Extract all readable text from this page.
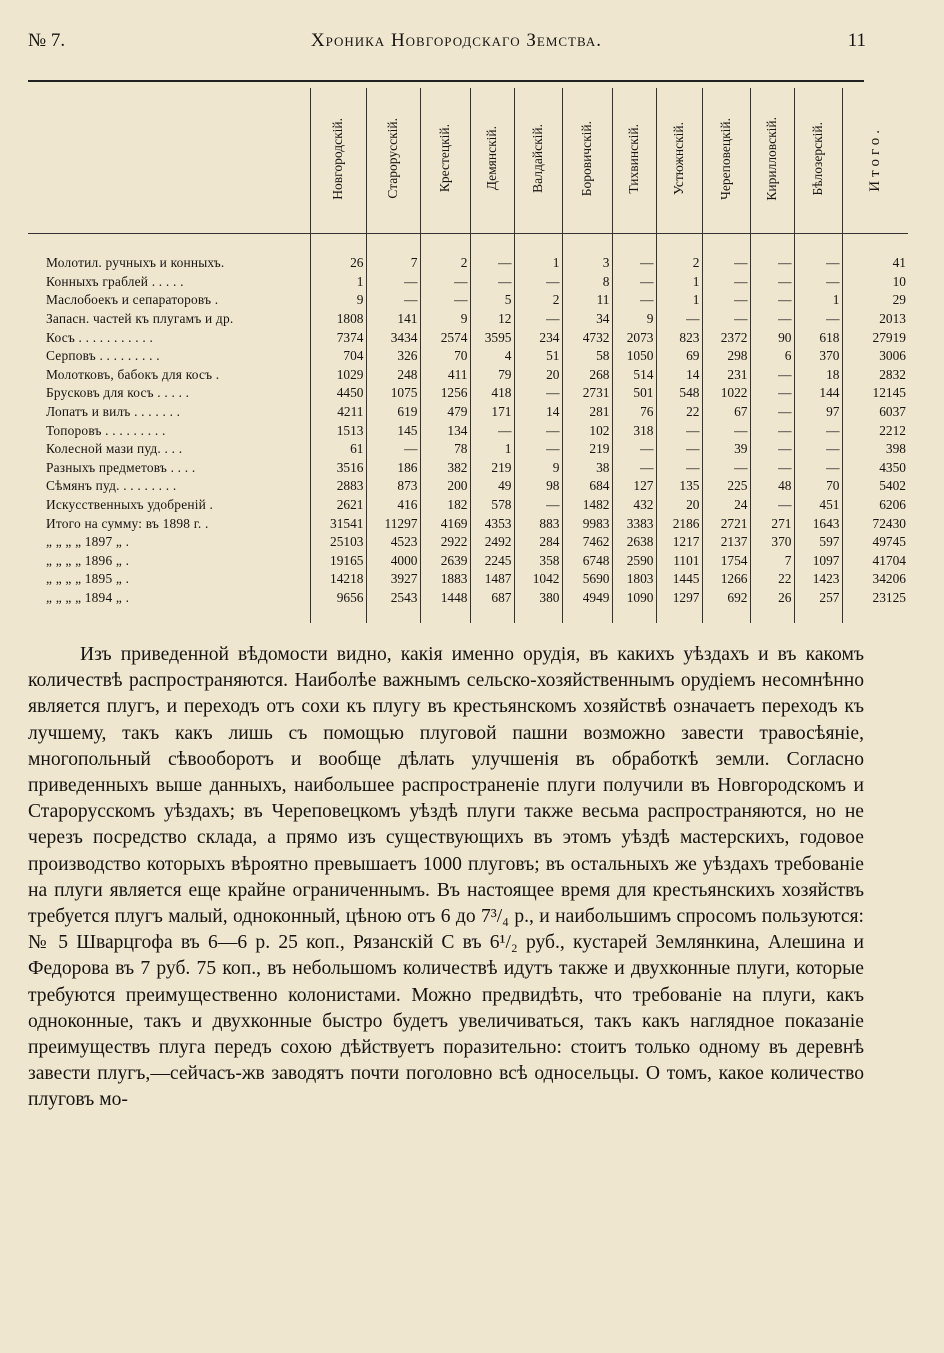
№ 7.	Хроника Новгородскаго Земства.	11
	Новгородскій.	Старорусскій.	Крестецкій.	Демянскій.	Валдайскій.	Боровичскій.	Тихвинскій.	Устюжнскій.	Череповецкій.	Кирилловскій.	Бѣлозерскій.	Итого.
Молотил. ручныхъ и конныхъ.	26	7	2	—	1	3	—	2	—	—	—	41
Конныхъ граблей . . . . .	1	—	—	—	—	8	—	1	—	—	—	10
Маслобоекъ и сепараторовъ .	9	—	—	5	2	11	—	1	—	—	1	29
Запасн. частей къ плугамъ и др.	1808	141	9	12	—	34	9	—	—	—	—	2013
Косъ . . . . . . . . . . .	7374	3434	2574	3595	234	4732	2073	823	2372	90	618	27919
Серповъ . . . . . . . . .	704	326	70	4	51	58	1050	69	298	6	370	3006
Молотковъ, бабокъ для косъ .	1029	248	411	79	20	268	514	14	231	—	18	2832
Брусковъ для косъ . . . . .	4450	1075	1256	418	—	2731	501	548	1022	—	144	12145
Лопатъ и вилъ . . . . . . .	4211	619	479	171	14	281	76	22	67	—	97	6037
Топоровъ . . . . . . . . .	1513	145	134	—	—	102	318	—	—	—	—	2212
Колесной мази пуд. . . .	61	—	78	1	—	219	—	—	39	—	—	398
Разныхъ предметовъ . . . .	3516	186	382	219	9	38	—	—	—	—	—	4350
Сѣмянъ пуд. . . . . . . . .	2883	873	200	49	98	684	127	135	225	48	70	5402
Искусственныхъ удобреній .	2621	416	182	578	—	1482	432	20	24	—	451	6206
Итого на сумму: въ 1898 г. .	31541	11297	4169	4353	883	9983	3383	2186	2721	271	1643	72430
„ „ „ „ 1897 „ .	25103	4523	2922	2492	284	7462	2638	1217	2137	370	597	49745
„ „ „ „ 1896 „ .	19165	4000	2639	2245	358	6748	2590	1101	1754	7	1097	41704
„ „ „ „ 1895 „ .	14218	3927	1883	1487	1042	5690	1803	1445	1266	22	1423	34206
„ „ „ „ 1894 „ .	9656	2543	1448	687	380	4949	1090	1297	692	26	257	23125

Изъ приведенной вѣдомости видно, какія именно орудія, въ какихъ уѣздахъ и въ какомъ количествѣ распространяются. Наиболѣе важнымъ сельско-хозяйственнымъ орудіемъ несомнѣнно является плугъ, и переходъ отъ сохи къ плугу въ крестьянскомъ хозяйствѣ означаетъ переходъ къ лучшему, такъ какъ лишь съ помощью плуговой пашни возможно завести травосѣяніе, многопольный сѣвооборотъ и вообще дѣлать улучшенія въ обработкѣ земли. Согласно приведенныхъ выше данныхъ, наибольшее распространеніе плуги получили въ Новгородскомъ и Старорусскомъ уѣздахъ; въ Череповецкомъ уѣздѣ плуги также весьма распространяются, но не черезъ посредство склада, а прямо изъ существующихъ въ этомъ уѣздѣ мастерскихъ, годовое производство которыхъ вѣроятно превышаетъ 1000 плуговъ; въ остальныхъ же уѣздахъ требованіе на плуги является еще крайне ограниченнымъ. Въ настоящее время для крестьянскихъ хозяйствъ требуется плугъ малый, одноконный, цѣною отъ 6 до 7³/₄ р., и наибольшимъ спросомъ пользуются: № 5 Шварцгофа въ 6—6 р. 25 коп., Рязанскій С въ 6¹/₂ руб., кустарей Землянкина, Алешина и Федорова въ 7 руб. 75 коп., въ небольшомъ количествѣ идутъ также и двухконные плуги, которые требуются преимущественно колонистами. Можно предвидѣть, что требованіе на плуги, какъ одноконные, такъ и двухконные быстро будетъ увеличиваться, такъ какъ наглядное показаніе преимуществъ плуга передъ сохою дѣйствуетъ поразительно: стоитъ только одному въ деревнѣ завести плугъ,—сейчасъ-жв заводятъ почти поголовно всѣ односельцы. О томъ, какое количество плуговъ мо-
